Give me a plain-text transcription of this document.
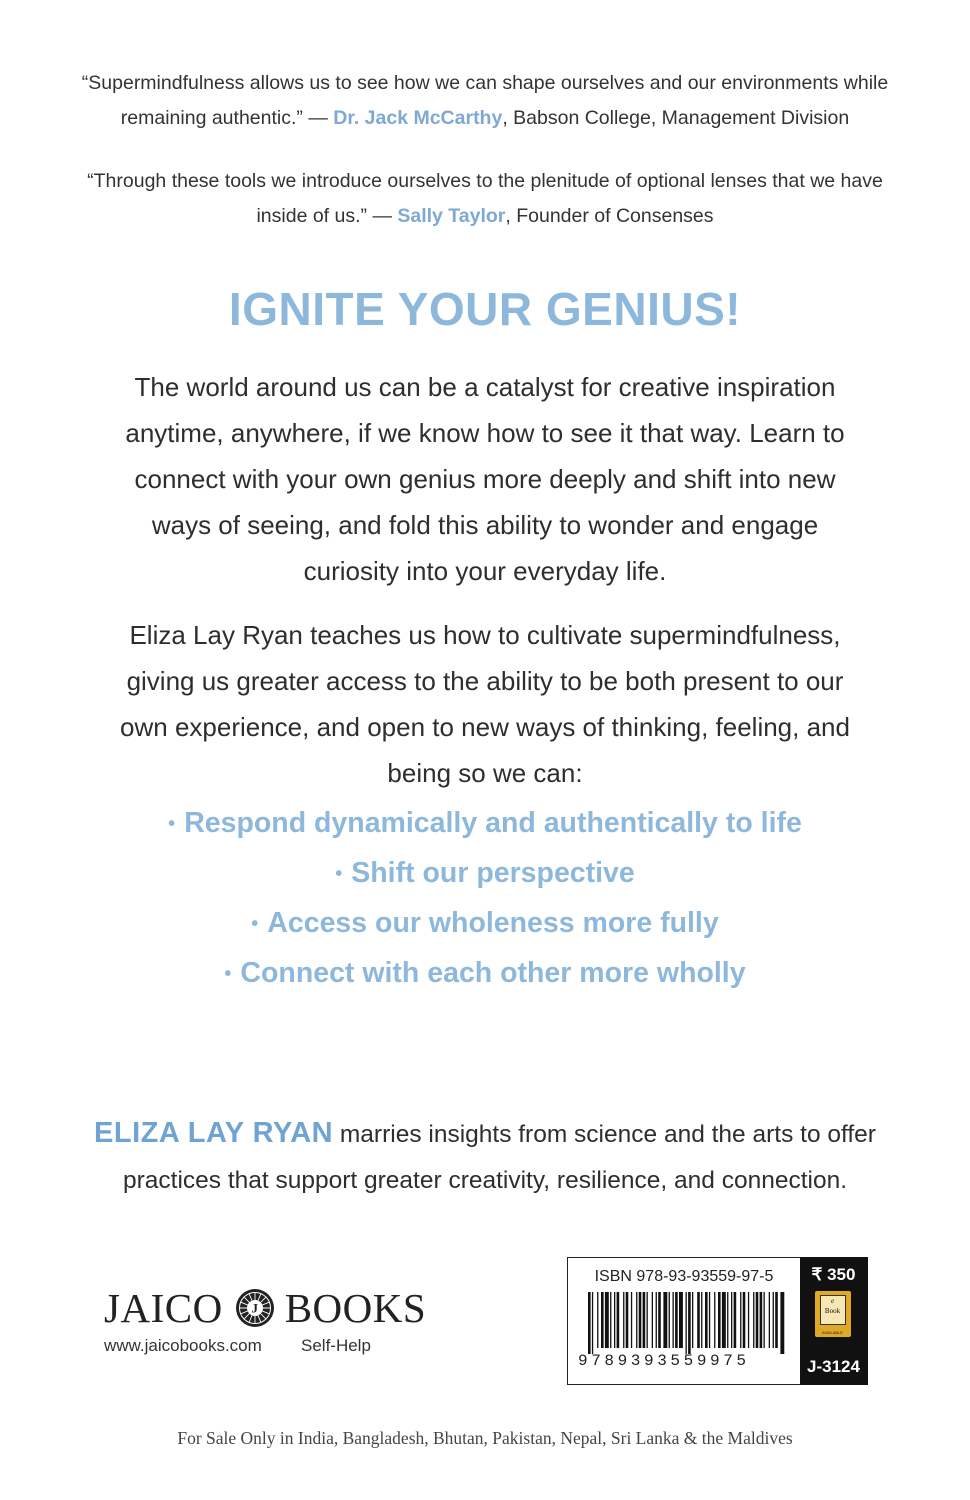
“Supermindfulness allows us to see how we can shape ourselves and our environments while remaining authentic.” — Dr. Jack McCarthy, Babson College, Management Division
“Through these tools we introduce ourselves to the plenitude of optional lenses that we have inside of us.” — Sally Taylor, Founder of Consenses
IGNITE YOUR GENIUS!

The world around us can be a catalyst for creative inspiration anytime, anywhere, if we know how to see it that way. Learn to connect with your own genius more deeply and shift into new ways of seeing, and fold this ability to wonder and engage curiosity into your everyday life.

Eliza Lay Ryan teaches us how to cultivate supermindfulness, giving us greater access to the ability to be both present to our own experience, and open to new ways of thinking, feeling, and being so we can:

• Respond dynamically and authentically to life
• Shift our perspective
• Access our wholeness more fully
• Connect with each other more wholly

ELIZA LAY RYAN marries insights from science and the arts to offer practices that support greater creativity, resilience, and connection.

JAICO J BOOKS
www.jaicobooks.com Self-Help
ISBN 978-93-93559-97-5
9789393559975
₹ 350
e
Book
AVAILABLE
J-3124
For Sale Only in India, Bangladesh, Bhutan, Pakistan, Nepal, Sri Lanka & the Maldives
